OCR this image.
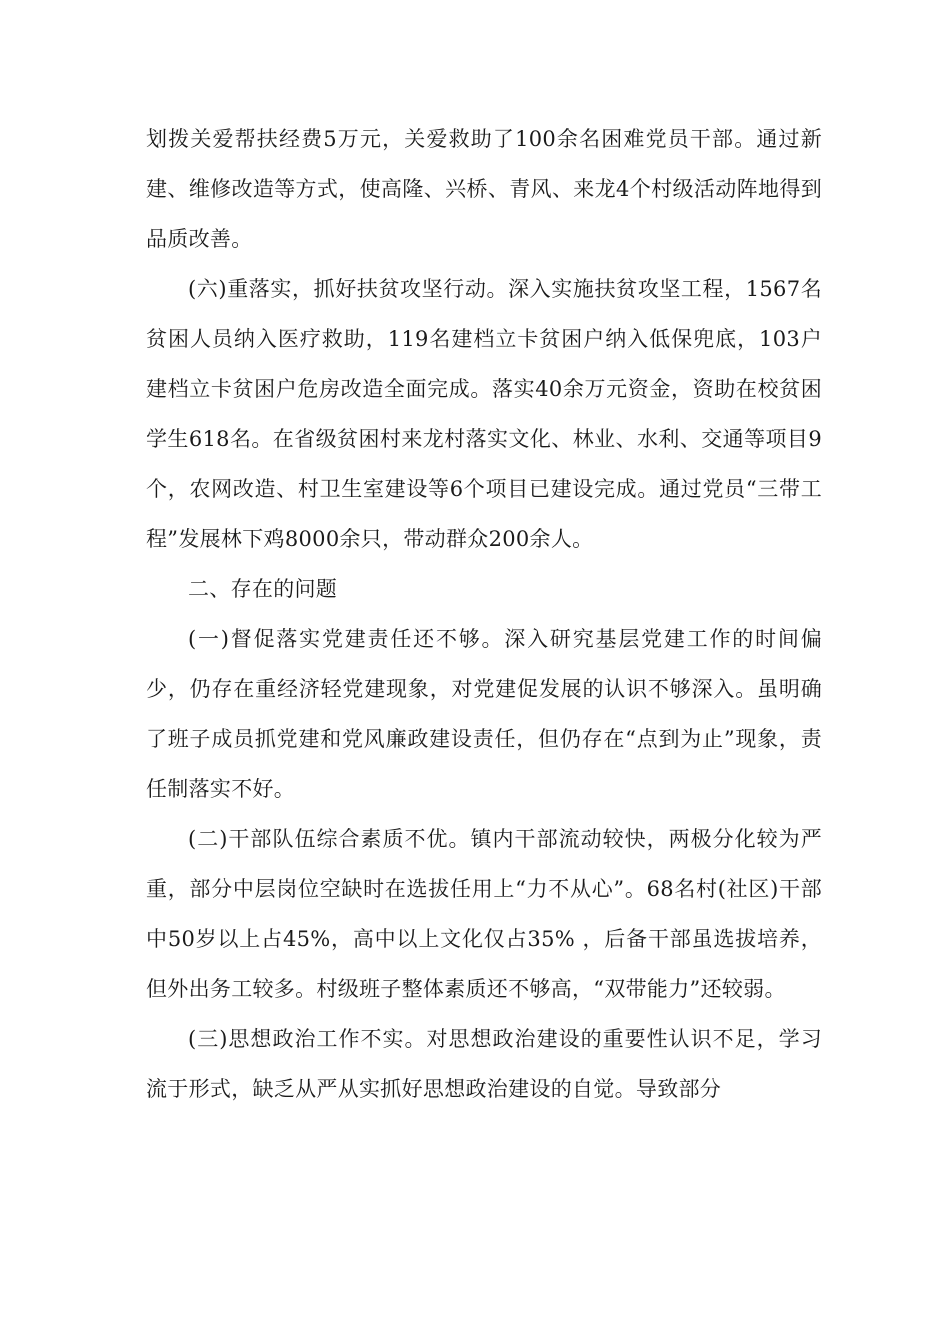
划拨关爱帮扶经费5万元，关爱救助了100余名困难党员干部。通过新建、维修改造等方式，使高隆、兴桥、青风、来龙4个村级活动阵地得到品质改善。

(六)重落实，抓好扶贫攻坚行动。深入实施扶贫攻坚工程，1567名贫困人员纳入医疗救助，119名建档立卡贫困户纳入低保兜底，103户建档立卡贫困户危房改造全面完成。落实40余万元资金，资助在校贫困学生618名。在省级贫困村来龙村落实文化、林业、水利、交通等项目9个，农网改造、村卫生室建设等6个项目已建设完成。通过党员“三带工程”发展林下鸡8000余只，带动群众200余人。

二、存在的问题

(一)督促落实党建责任还不够。深入研究基层党建工作的时间偏少，仍存在重经济轻党建现象，对党建促发展的认识不够深入。虽明确了班子成员抓党建和党风廉政建设责任，但仍存在“点到为止”现象，责任制落实不好。

(二)干部队伍综合素质不优。镇内干部流动较快，两极分化较为严重，部分中层岗位空缺时在选拔任用上“力不从心”。68名村(社区)干部中50岁以上占45%，高中以上文化仅占35% ，后备干部虽选拔培养，但外出务工较多。村级班子整体素质还不够高，“双带能力”还较弱。

(三)思想政治工作不实。对思想政治建设的重要性认识不足，学习流于形式，缺乏从严从实抓好思想政治建设的自觉。导致部分
